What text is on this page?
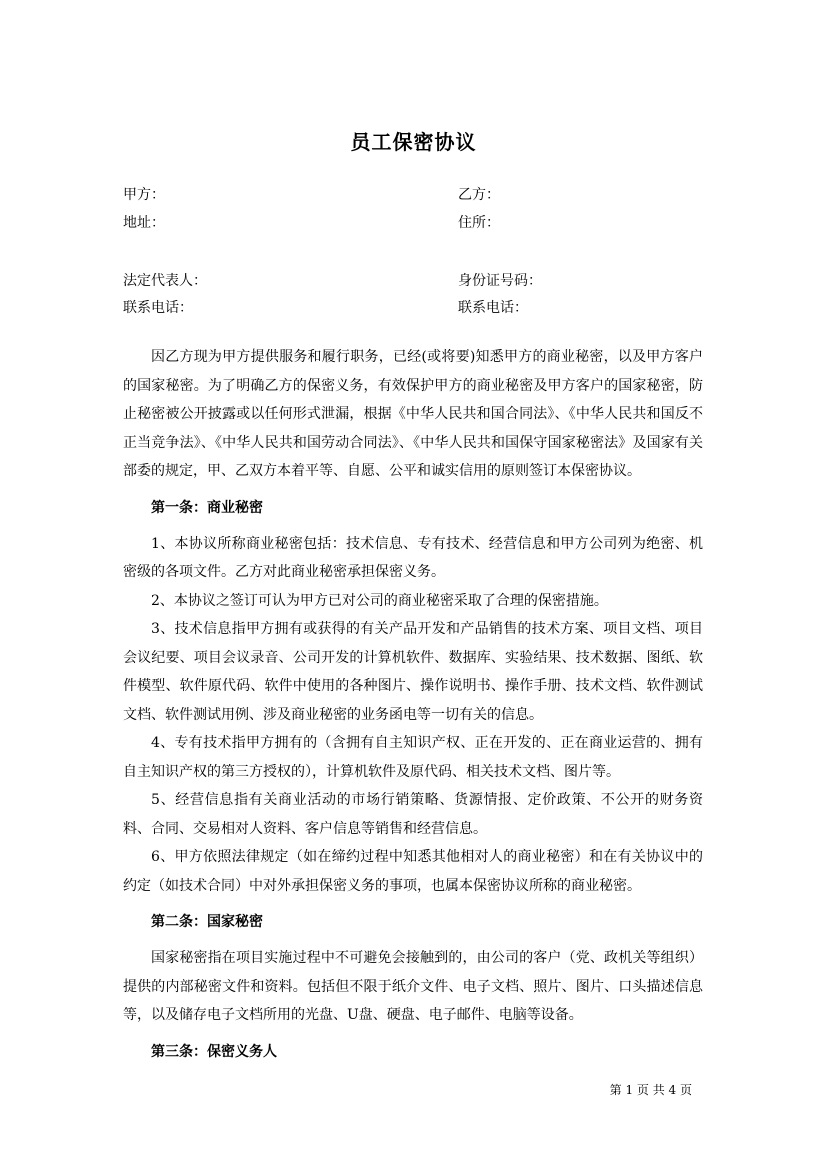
员工保密协议
甲方：	乙方：
地址：	住所：
法定代表人：	身份证号码：
联系电话：	联系电话：

因乙方现为甲方提供服务和履行职务，已经(或将要)知悉甲方的商业秘密，以及甲方客户的国家秘密。为了明确乙方的保密义务，有效保护甲方的商业秘密及甲方客户的国家秘密，防止秘密被公开披露或以任何形式泄漏，根据《中华人民共和国合同法》、《中华人民共和国反不正当竞争法》、《中华人民共和国劳动合同法》、《中华人民共和国保守国家秘密法》及国家有关部委的规定，甲、乙双方本着平等、自愿、公平和诚实信用的原则签订本保密协议。

第一条：商业秘密

1、本协议所称商业秘密包括：技术信息、专有技术、经营信息和甲方公司列为绝密、机密级的各项文件。乙方对此商业秘密承担保密义务。

2、本协议之签订可认为甲方已对公司的商业秘密采取了合理的保密措施。

3、技术信息指甲方拥有或获得的有关产品开发和产品销售的技术方案、项目文档、项目会议纪要、项目会议录音、公司开发的计算机软件、数据库、实验结果、技术数据、图纸、软件模型、软件原代码、软件中使用的各种图片、操作说明书、操作手册、技术文档、软件测试文档、软件测试用例、涉及商业秘密的业务函电等一切有关的信息。

4、专有技术指甲方拥有的（含拥有自主知识产权、正在开发的、正在商业运营的、拥有自主知识产权的第三方授权的），计算机软件及原代码、相关技术文档、图片等。

5、经营信息指有关商业活动的市场行销策略、货源情报、定价政策、不公开的财务资料、合同、交易相对人资料、客户信息等销售和经营信息。

6、甲方依照法律规定（如在缔约过程中知悉其他相对人的商业秘密）和在有关协议中的约定（如技术合同）中对外承担保密义务的事项，也属本保密协议所称的商业秘密。

第二条：国家秘密

国家秘密指在项目实施过程中不可避免会接触到的，由公司的客户（党、政机关等组织）提供的内部秘密文件和资料。包括但不限于纸介文件、电子文档、照片、图片、口头描述信息等，以及储存电子文档所用的光盘、U盘、硬盘、电子邮件、电脑等设备。

第三条：保密义务人
第 1 页 共 4 页
